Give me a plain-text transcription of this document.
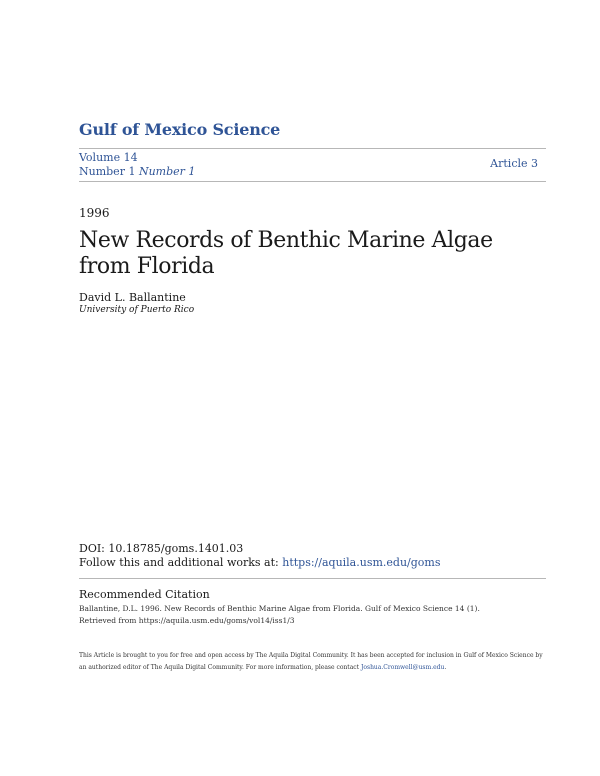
Gulf of Mexico Science
Volume 14
Number 1 Number 1
Article 3
1996
New Records of Benthic Marine Algae from Florida
David L. Ballantine
University of Puerto Rico
DOI: 10.18785/goms.1401.03
Follow this and additional works at: https://aquila.usm.edu/goms
Recommended Citation
Ballantine, D.L. 1996. New Records of Benthic Marine Algae from Florida. Gulf of Mexico Science 14 (1).
Retrieved from https://aquila.usm.edu/goms/vol14/iss1/3
This Article is brought to you for free and open access by The Aquila Digital Community. It has been accepted for inclusion in Gulf of Mexico Science by an authorized editor of The Aquila Digital Community. For more information, please contact Joshua.Cromwell@usm.edu.
